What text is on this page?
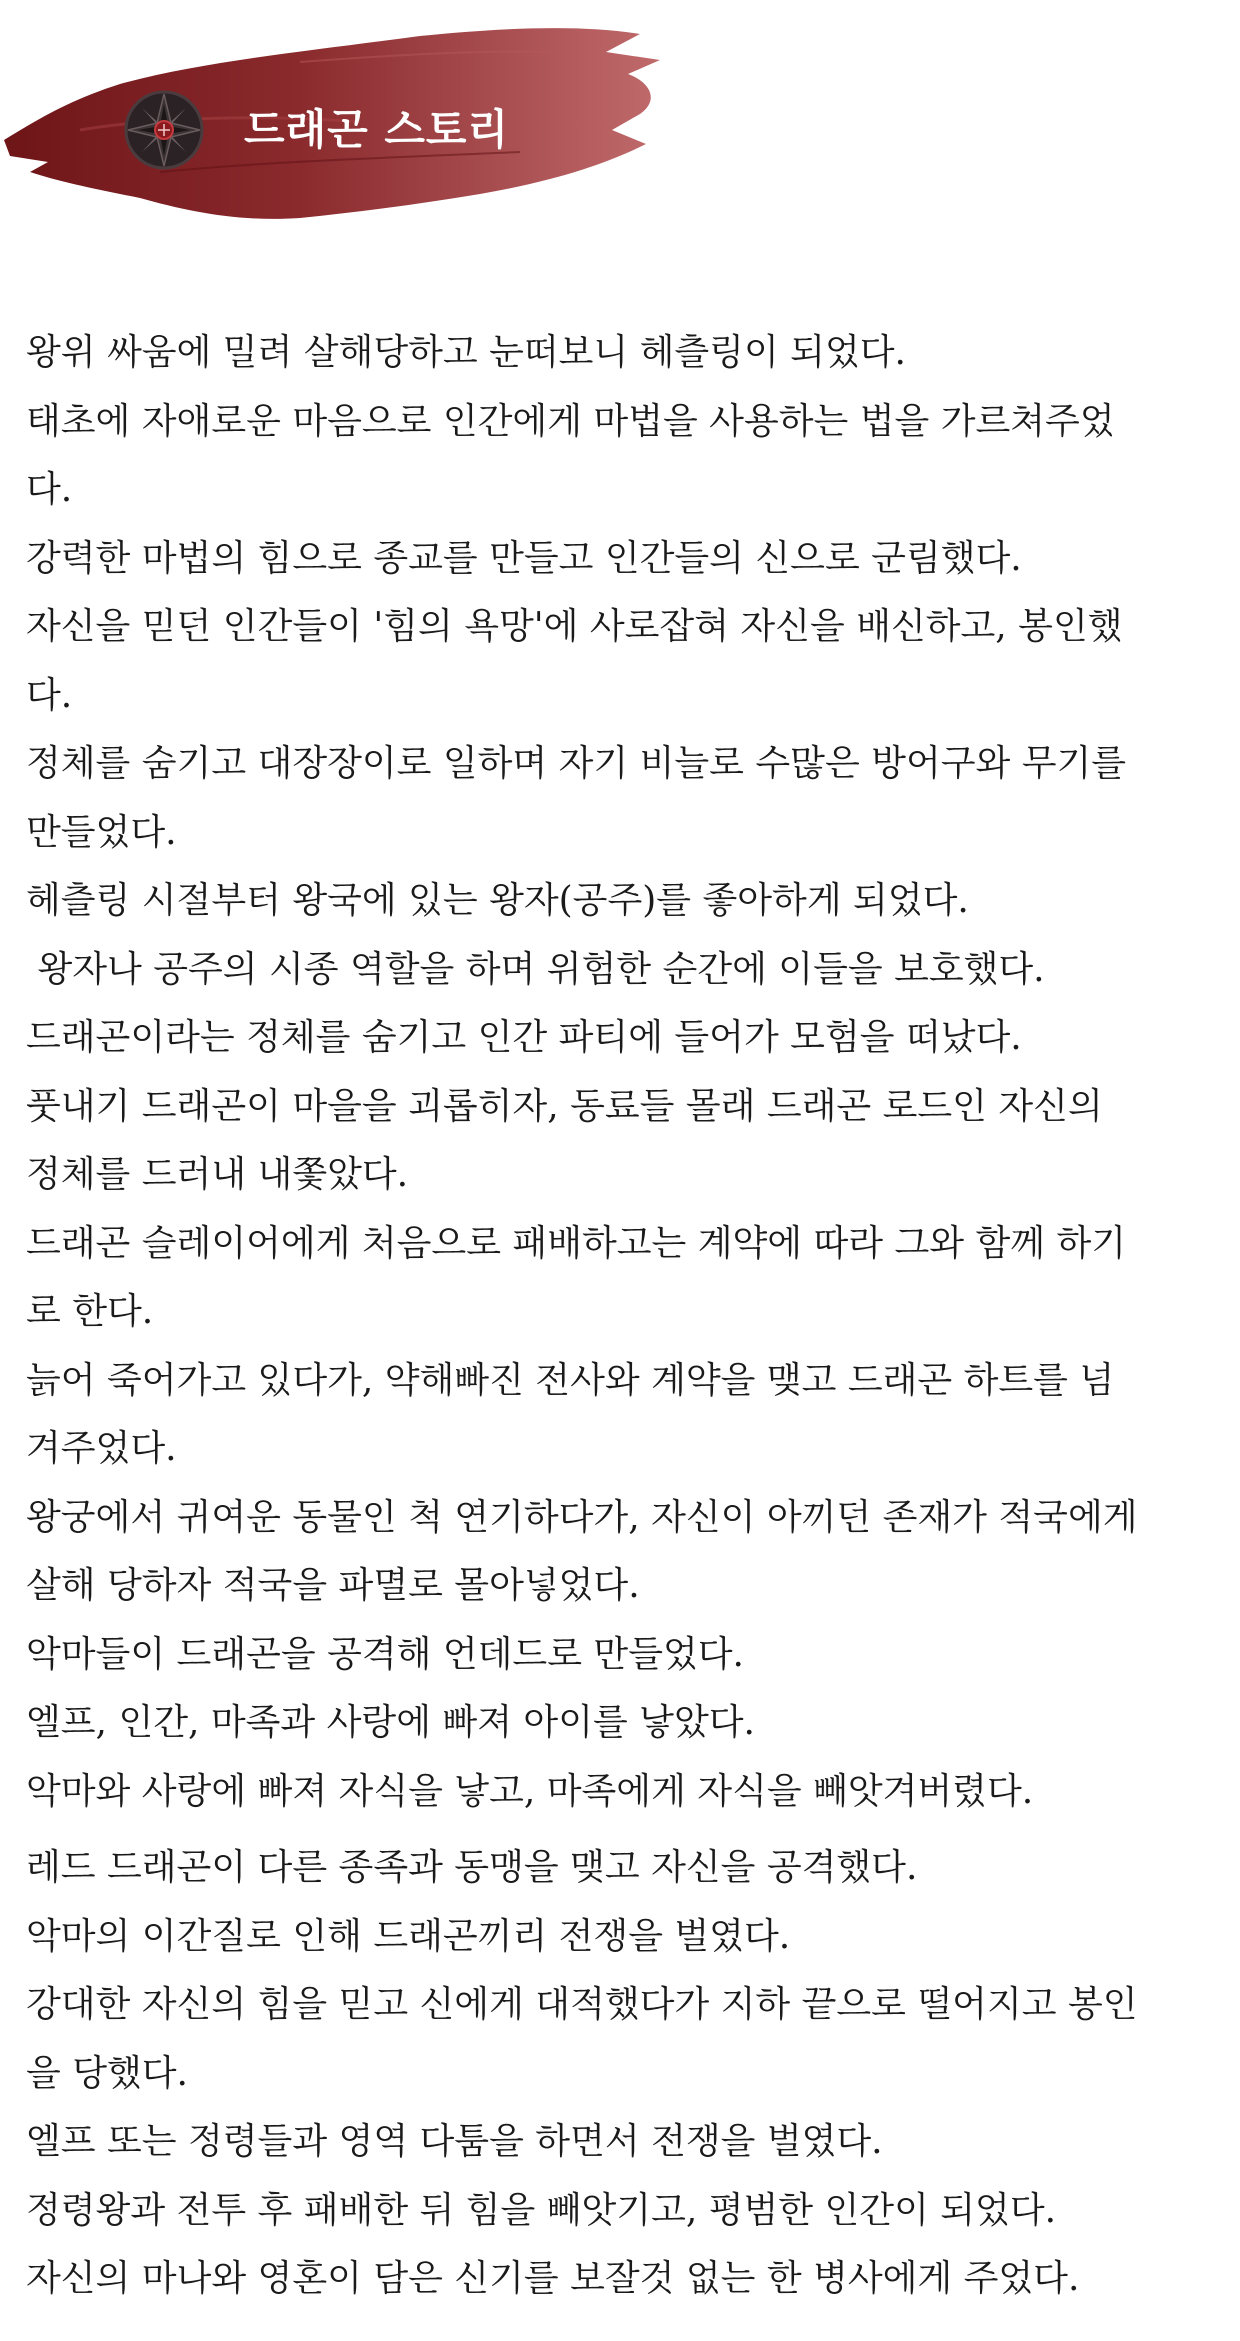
드래곤 스토리

왕위 싸움에 밀려 살해당하고 눈떠보니 헤츨링이 되었다.

태초에 자애로운 마음으로 인간에게 마법을 사용하는 법을 가르쳐주었

다.

강력한 마법의 힘으로 종교를 만들고 인간들의 신으로 군림했다.

자신을 믿던 인간들이 '힘의 욕망'에 사로잡혀 자신을 배신하고, 봉인했

다.

정체를 숨기고 대장장이로 일하며 자기 비늘로 수많은 방어구와 무기를

만들었다.

헤츨링 시절부터 왕국에 있는 왕자(공주)를 좋아하게 되었다.

왕자나 공주의 시종 역할을 하며 위험한 순간에 이들을 보호했다.

드래곤이라는 정체를 숨기고 인간 파티에 들어가 모험을 떠났다.

풋내기 드래곤이 마을을 괴롭히자, 동료들 몰래 드래곤 로드인 자신의

정체를 드러내 내쫓았다.

드래곤 슬레이어에게 처음으로 패배하고는 계약에 따라 그와 함께 하기

로 한다.

늙어 죽어가고 있다가, 약해빠진 전사와 계약을 맺고 드래곤 하트를 넘

겨주었다.

왕궁에서 귀여운 동물인 척 연기하다가, 자신이 아끼던 존재가 적국에게

살해 당하자 적국을 파멸로 몰아넣었다.

악마들이 드래곤을 공격해 언데드로 만들었다.

엘프, 인간, 마족과 사랑에 빠져 아이를 낳았다.

악마와 사랑에 빠져 자식을 낳고, 마족에게 자식을 빼앗겨버렸다.

레드 드래곤이 다른 종족과 동맹을 맺고 자신을 공격했다.

악마의 이간질로 인해 드래곤끼리 전쟁을 벌였다.

강대한 자신의 힘을 믿고 신에게 대적했다가 지하 끝으로 떨어지고 봉인

을 당했다.

엘프 또는 정령들과 영역 다툼을 하면서 전쟁을 벌였다.

정령왕과 전투 후 패배한 뒤 힘을 빼앗기고, 평범한 인간이 되었다.

자신의 마나와 영혼이 담은 신기를 보잘것 없는 한 병사에게 주었다.
